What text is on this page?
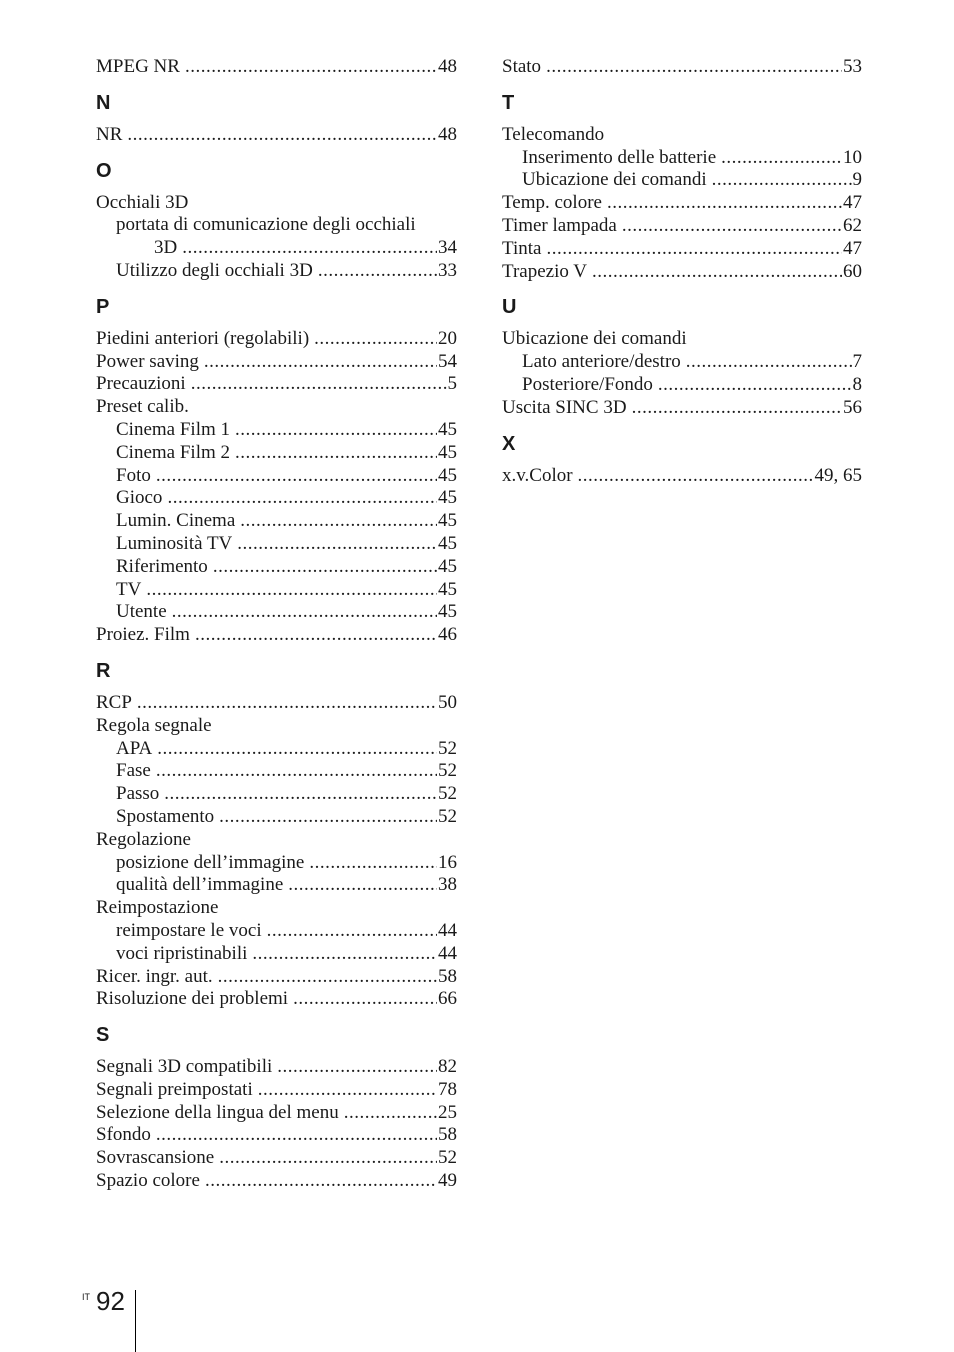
MPEG NR .....	48
N
NR .....	48
O
Occhiali 3D
portata di comunicazione degli occhiali
3D .....	34
Utilizzo degli occhiali 3D .....	33
P
Piedini anteriori (regolabili) .....	20
Power saving .....	54
Precauzioni .....	5
Preset calib.
Cinema Film 1 .....	45
Cinema Film 2 .....	45
Foto .....	45
Gioco .....	45
Lumin. Cinema .....	45
Luminosità TV .....	45
Riferimento .....	45
TV .....	45
Utente .....	45
Proiez. Film .....	46
R
RCP .....	50
Regola segnale
APA .....	52
Fase .....	52
Passo .....	52
Spostamento .....	52
Regolazione
posizione dell’immagine .....	16
qualità dell’immagine .....	38
Reimpostazione
reimpostare le voci .....	44
voci ripristinabili .....	44
Ricer. ingr. aut. .....	58
Risoluzione dei problemi .....	66
S
Segnali 3D compatibili .....	82
Segnali preimpostati .....	78
Selezione della lingua del menu .....	25
Sfondo .....	58
Sovrascansione .....	52
Spazio colore .....	49
Stato .....	53
T
Telecomando
Inserimento delle batterie .....	10
Ubicazione dei comandi .....	9
Temp. colore .....	47
Timer lampada .....	62
Tinta .....	47
Trapezio V .....	60
U
Ubicazione dei comandi
Lato anteriore/destro .....	7
Posteriore/Fondo .....	8
Uscita SINC 3D .....	56
X
x.v.Color .....	49, 65
IT 92
